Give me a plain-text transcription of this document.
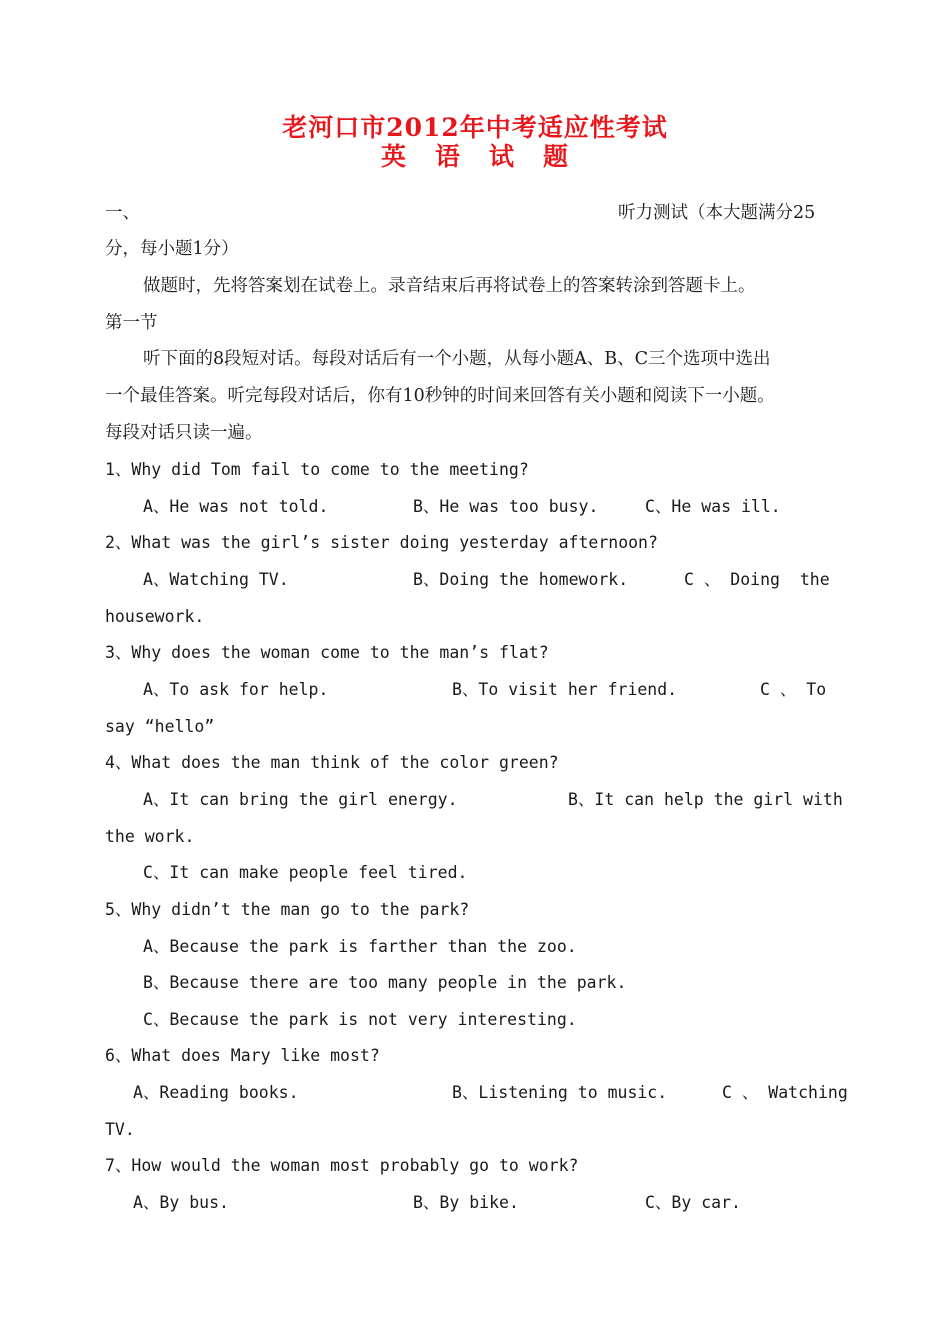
老河口市2012年中考适应性考试
英 语 试 题
一、	听力测试（本大题满分25
分，每小题1分）
做题时，先将答案划在试卷上。录音结束后再将试卷上的答案转涂到答题卡上。
第一节
听下面的8段短对话。每段对话后有一个小题，从每小题A、B、C三个选项中选出
一个最佳答案。听完每段对话后，你有10秒钟的时间来回答有关小题和阅读下一小题。
每段对话只读一遍。
1、Why did Tom fail to come to the meeting?
A、He was not told.	B、He was too busy.	C、He was ill.
2、What was the girl’s sister doing yesterday afternoon?
A、Watching TV.	B、Doing the homework.	C 、 Doing  the
housework.
3、Why does the woman come to the man’s flat?
A、To ask for help.	B、To visit her friend.	C 、 To
say “hello”
4、What does the man think of the color green?
A、It can bring the girl energy.	B、It can help the girl with
the work.
C、It can make people feel tired.
5、Why didn’t the man go to the park?
A、Because the park is farther than the zoo.
B、Because there are too many people in the park.
C、Because the park is not very interesting.
6、What does Mary like most?
A、Reading books.	B、Listening to music.	C 、 Watching
TV.
7、How would the woman most probably go to work?
A、By bus.	B、By bike.	C、By car.
